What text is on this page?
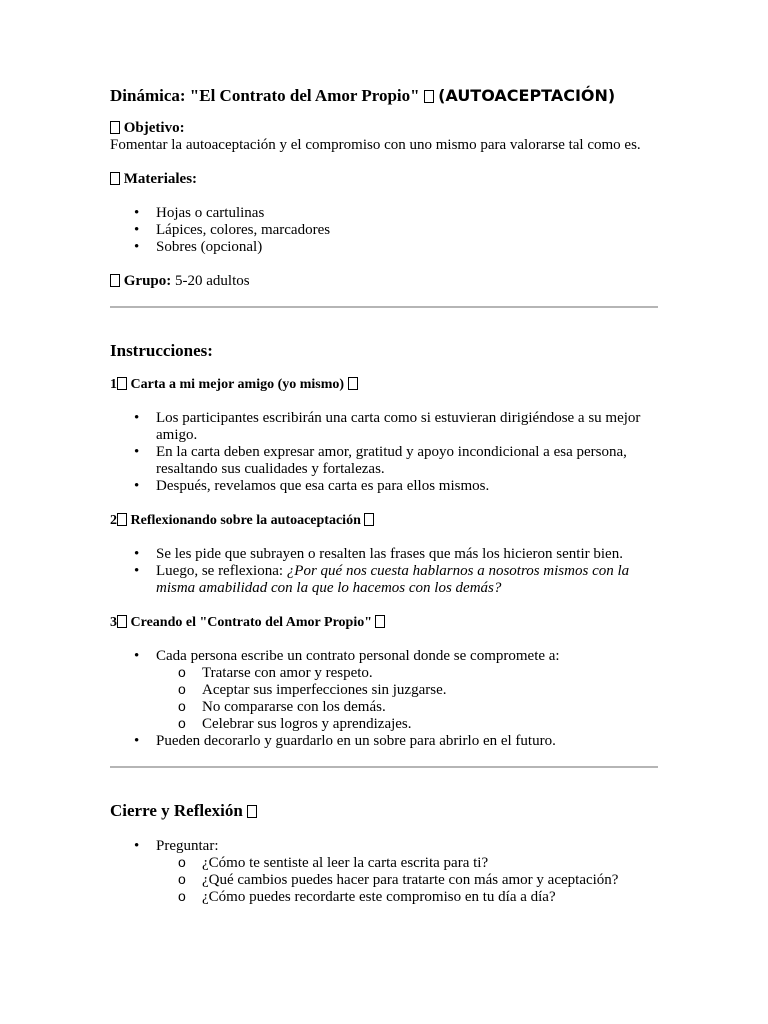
Dinámica: "El Contrato del Amor Propio" (AUTOACEPTACIÓN)

Objetivo:

Fomentar la autoaceptación y el compromiso con uno mismo para valorarse tal como es.

Materiales:

• Hojas o cartulinas
• Lápices, colores, marcadores
• Sobres (opcional)

Grupo: 5-20 adultos

Instrucciones:
1 Carta a mi mejor amigo (yo mismo)
• Los participantes escribirán una carta como si estuvieran dirigiéndose a su mejor amigo.
• En la carta deben expresar amor, gratitud y apoyo incondicional a esa persona, resaltando sus cualidades y fortalezas.
• Después, revelamos que esa carta es para ellos mismos.
2 Reflexionando sobre la autoaceptación
• Se les pide que subrayen o resalten las frases que más los hicieron sentir bien.
• Luego, se reflexiona: ¿Por qué nos cuesta hablarnos a nosotros mismos con la misma amabilidad con la que lo hacemos con los demás?
3 Creando el "Contrato del Amor Propio"
• Cada persona escribe un contrato personal donde se compromete a:
o Tratarse con amor y respeto.
o Aceptar sus imperfecciones sin juzgarse.
o No compararse con los demás.
o Celebrar sus logros y aprendizajes.
• Pueden decorarlo y guardarlo en un sobre para abrirlo en el futuro.
Cierre y Reflexión
• Preguntar:
o ¿Cómo te sentiste al leer la carta escrita para ti?
o ¿Qué cambios puedes hacer para tratarte con más amor y aceptación?
o ¿Cómo puedes recordarte este compromiso en tu día a día?
